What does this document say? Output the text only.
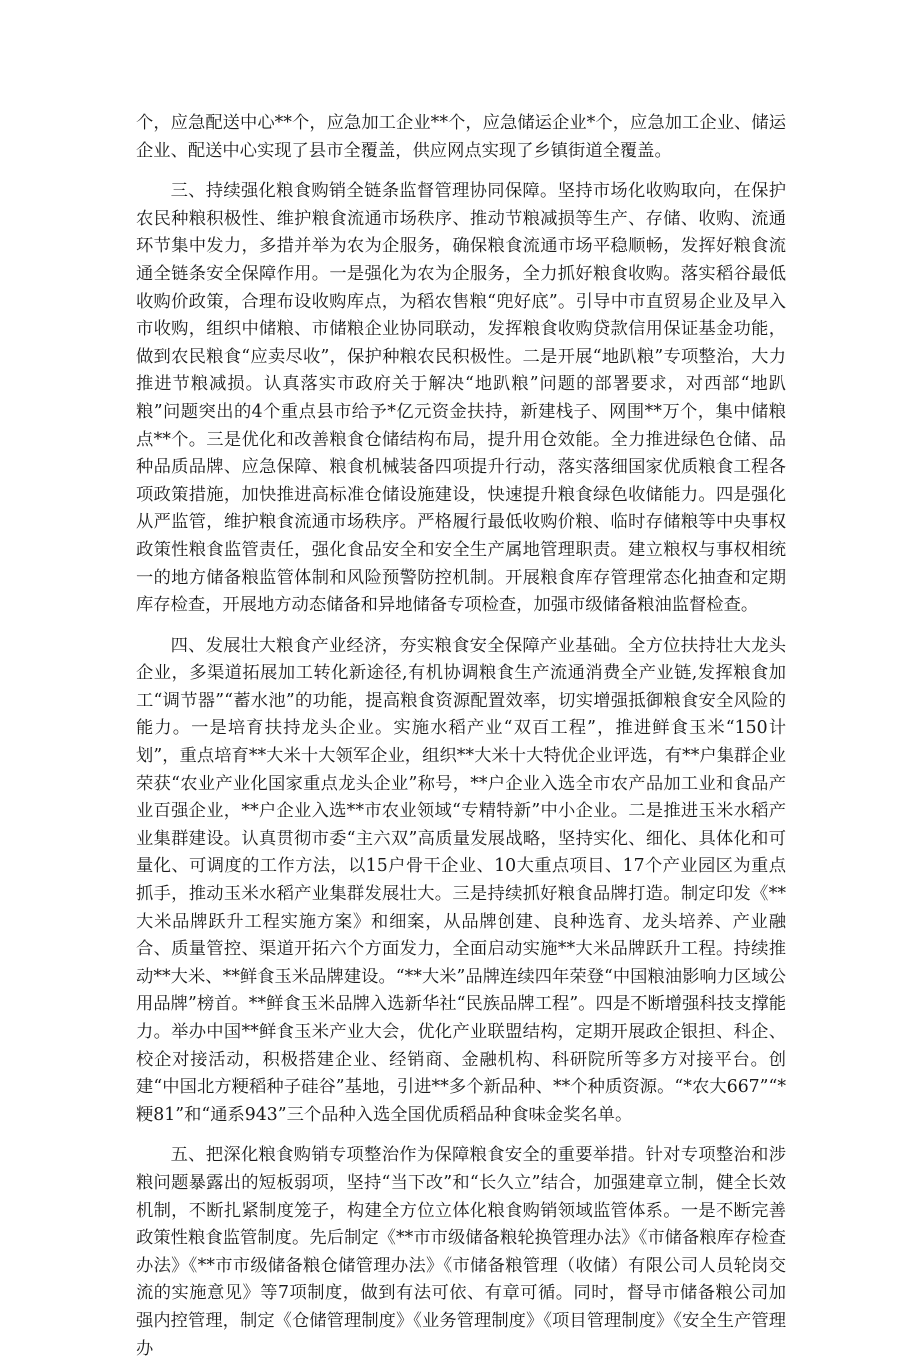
个，应急配送中心**个，应急加工企业**个，应急储运企业*个，应急加工企业、储运企业、配送中心实现了县市全覆盖，供应网点实现了乡镇街道全覆盖。

三、持续强化粮食购销全链条监督管理协同保障。坚持市场化收购取向，在保护农民种粮积极性、维护粮食流通市场秩序、推动节粮减损等生产、存储、收购、流通环节集中发力，多措并举为农为企服务，确保粮食流通市场平稳顺畅，发挥好粮食流通全链条安全保障作用。一是强化为农为企服务，全力抓好粮食收购。落实稻谷最低收购价政策，合理布设收购库点，为稻农售粮“兜好底”。引导中市直贸易企业及早入市收购，组织中储粮、市储粮企业协同联动，发挥粮食收购贷款信用保证基金功能，做到农民粮食“应卖尽收”，保护种粮农民积极性。二是开展“地趴粮”专项整治，大力推进节粮减损。认真落实市政府关于解决“地趴粮”问题的部署要求，对西部“地趴粮”问题突出的4个重点县市给予*亿元资金扶持，新建栈子、网围**万个，集中储粮点**个。三是优化和改善粮食仓储结构布局，提升用仓效能。全力推进绿色仓储、品种品质品牌、应急保障、粮食机械装备四项提升行动，落实落细国家优质粮食工程各项政策措施，加快推进高标准仓储设施建设，快速提升粮食绿色收储能力。四是强化从严监管，维护粮食流通市场秩序。严格履行最低收购价粮、临时存储粮等中央事权政策性粮食监管责任，强化食品安全和安全生产属地管理职责。建立粮权与事权相统一的地方储备粮监管体制和风险预警防控机制。开展粮食库存管理常态化抽查和定期库存检查，开展地方动态储备和异地储备专项检查，加强市级储备粮油监督检查。

四、发展壮大粮食产业经济，夯实粮食安全保障产业基础。全方位扶持壮大龙头企业，多渠道拓展加工转化新途径,有机协调粮食生产流通消费全产业链,发挥粮食加工“调节器”“蓄水池”的功能，提高粮食资源配置效率，切实增强抵御粮食安全风险的能力。一是培育扶持龙头企业。实施水稻产业“双百工程”，推进鲜食玉米“150计划”，重点培育**大米十大领军企业，组织**大米十大特优企业评选，有**户集群企业荣获“农业产业化国家重点龙头企业”称号，**户企业入选全市农产品加工业和食品产业百强企业，**户企业入选**市农业领域“专精特新”中小企业。二是推进玉米水稻产业集群建设。认真贯彻市委“主六双”高质量发展战略，坚持实化、细化、具体化和可量化、可调度的工作方法，以15户骨干企业、10大重点项目、17个产业园区为重点抓手，推动玉米水稻产业集群发展壮大。三是持续抓好粮食品牌打造。制定印发《**大米品牌跃升工程实施方案》和细案，从品牌创建、良种选育、龙头培养、产业融合、质量管控、渠道开拓六个方面发力，全面启动实施**大米品牌跃升工程。持续推动**大米、**鲜食玉米品牌建设。“**大米”品牌连续四年荣登“中国粮油影响力区域公用品牌”榜首。**鲜食玉米品牌入选新华社“民族品牌工程”。四是不断增强科技支撑能力。举办中国**鲜食玉米产业大会，优化产业联盟结构，定期开展政企银担、科企、校企对接活动，积极搭建企业、经销商、金融机构、科研院所等多方对接平台。创建“中国北方粳稻种子硅谷”基地，引进**多个新品种、**个种质资源。“*农大667”“*粳81”和“通系943”三个品种入选全国优质稻品种食味金奖名单。

五、把深化粮食购销专项整治作为保障粮食安全的重要举措。针对专项整治和涉粮问题暴露出的短板弱项，坚持“当下改”和“长久立”结合，加强建章立制，健全长效机制，不断扎紧制度笼子，构建全方位立体化粮食购销领域监管体系。一是不断完善政策性粮食监管制度。先后制定《**市市级储备粮轮换管理办法》《市储备粮库存检查办法》《**市市级储备粮仓储管理办法》《市储备粮管理（收储）有限公司人员轮岗交流的实施意见》等7项制度，做到有法可依、有章可循。同时，督导市储备粮公司加强内控管理，制定《仓储管理制度》《业务管理制度》《项目管理制度》《安全生产管理办
